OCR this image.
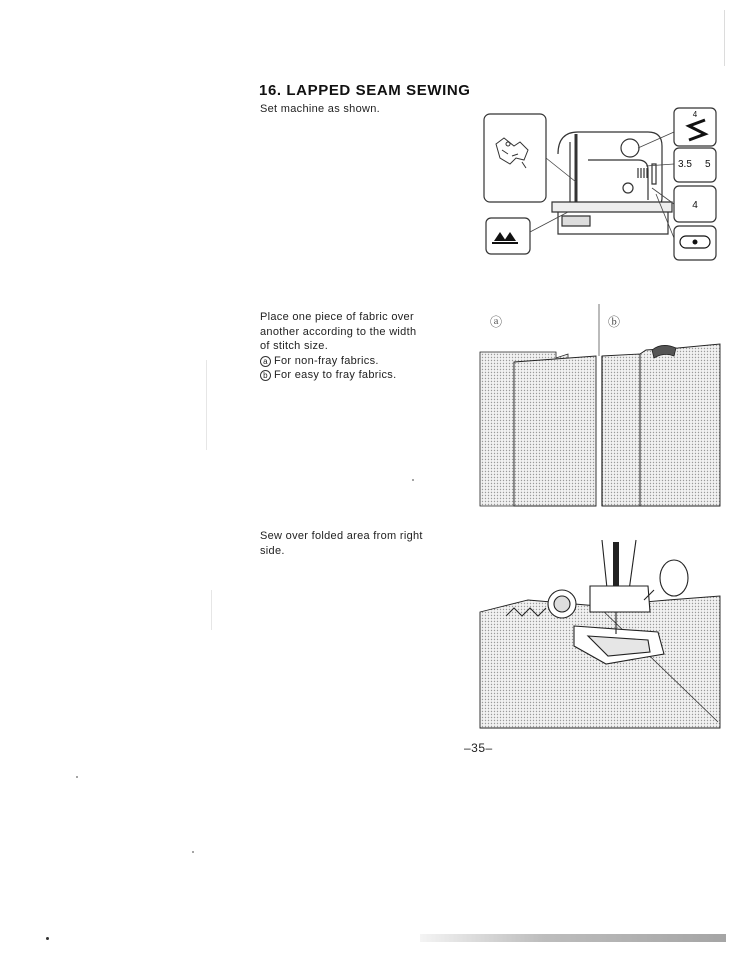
16. LAPPED SEAM SEWING
Set machine as shown.	4
3.5 5
4
Place one piece of fabric over
another according to the width
of stitch size.
a For non-fray fabrics.
b For easy to fray fabrics.
ⓐ	ⓑ
Sew over folded area from right
side.
–35–
